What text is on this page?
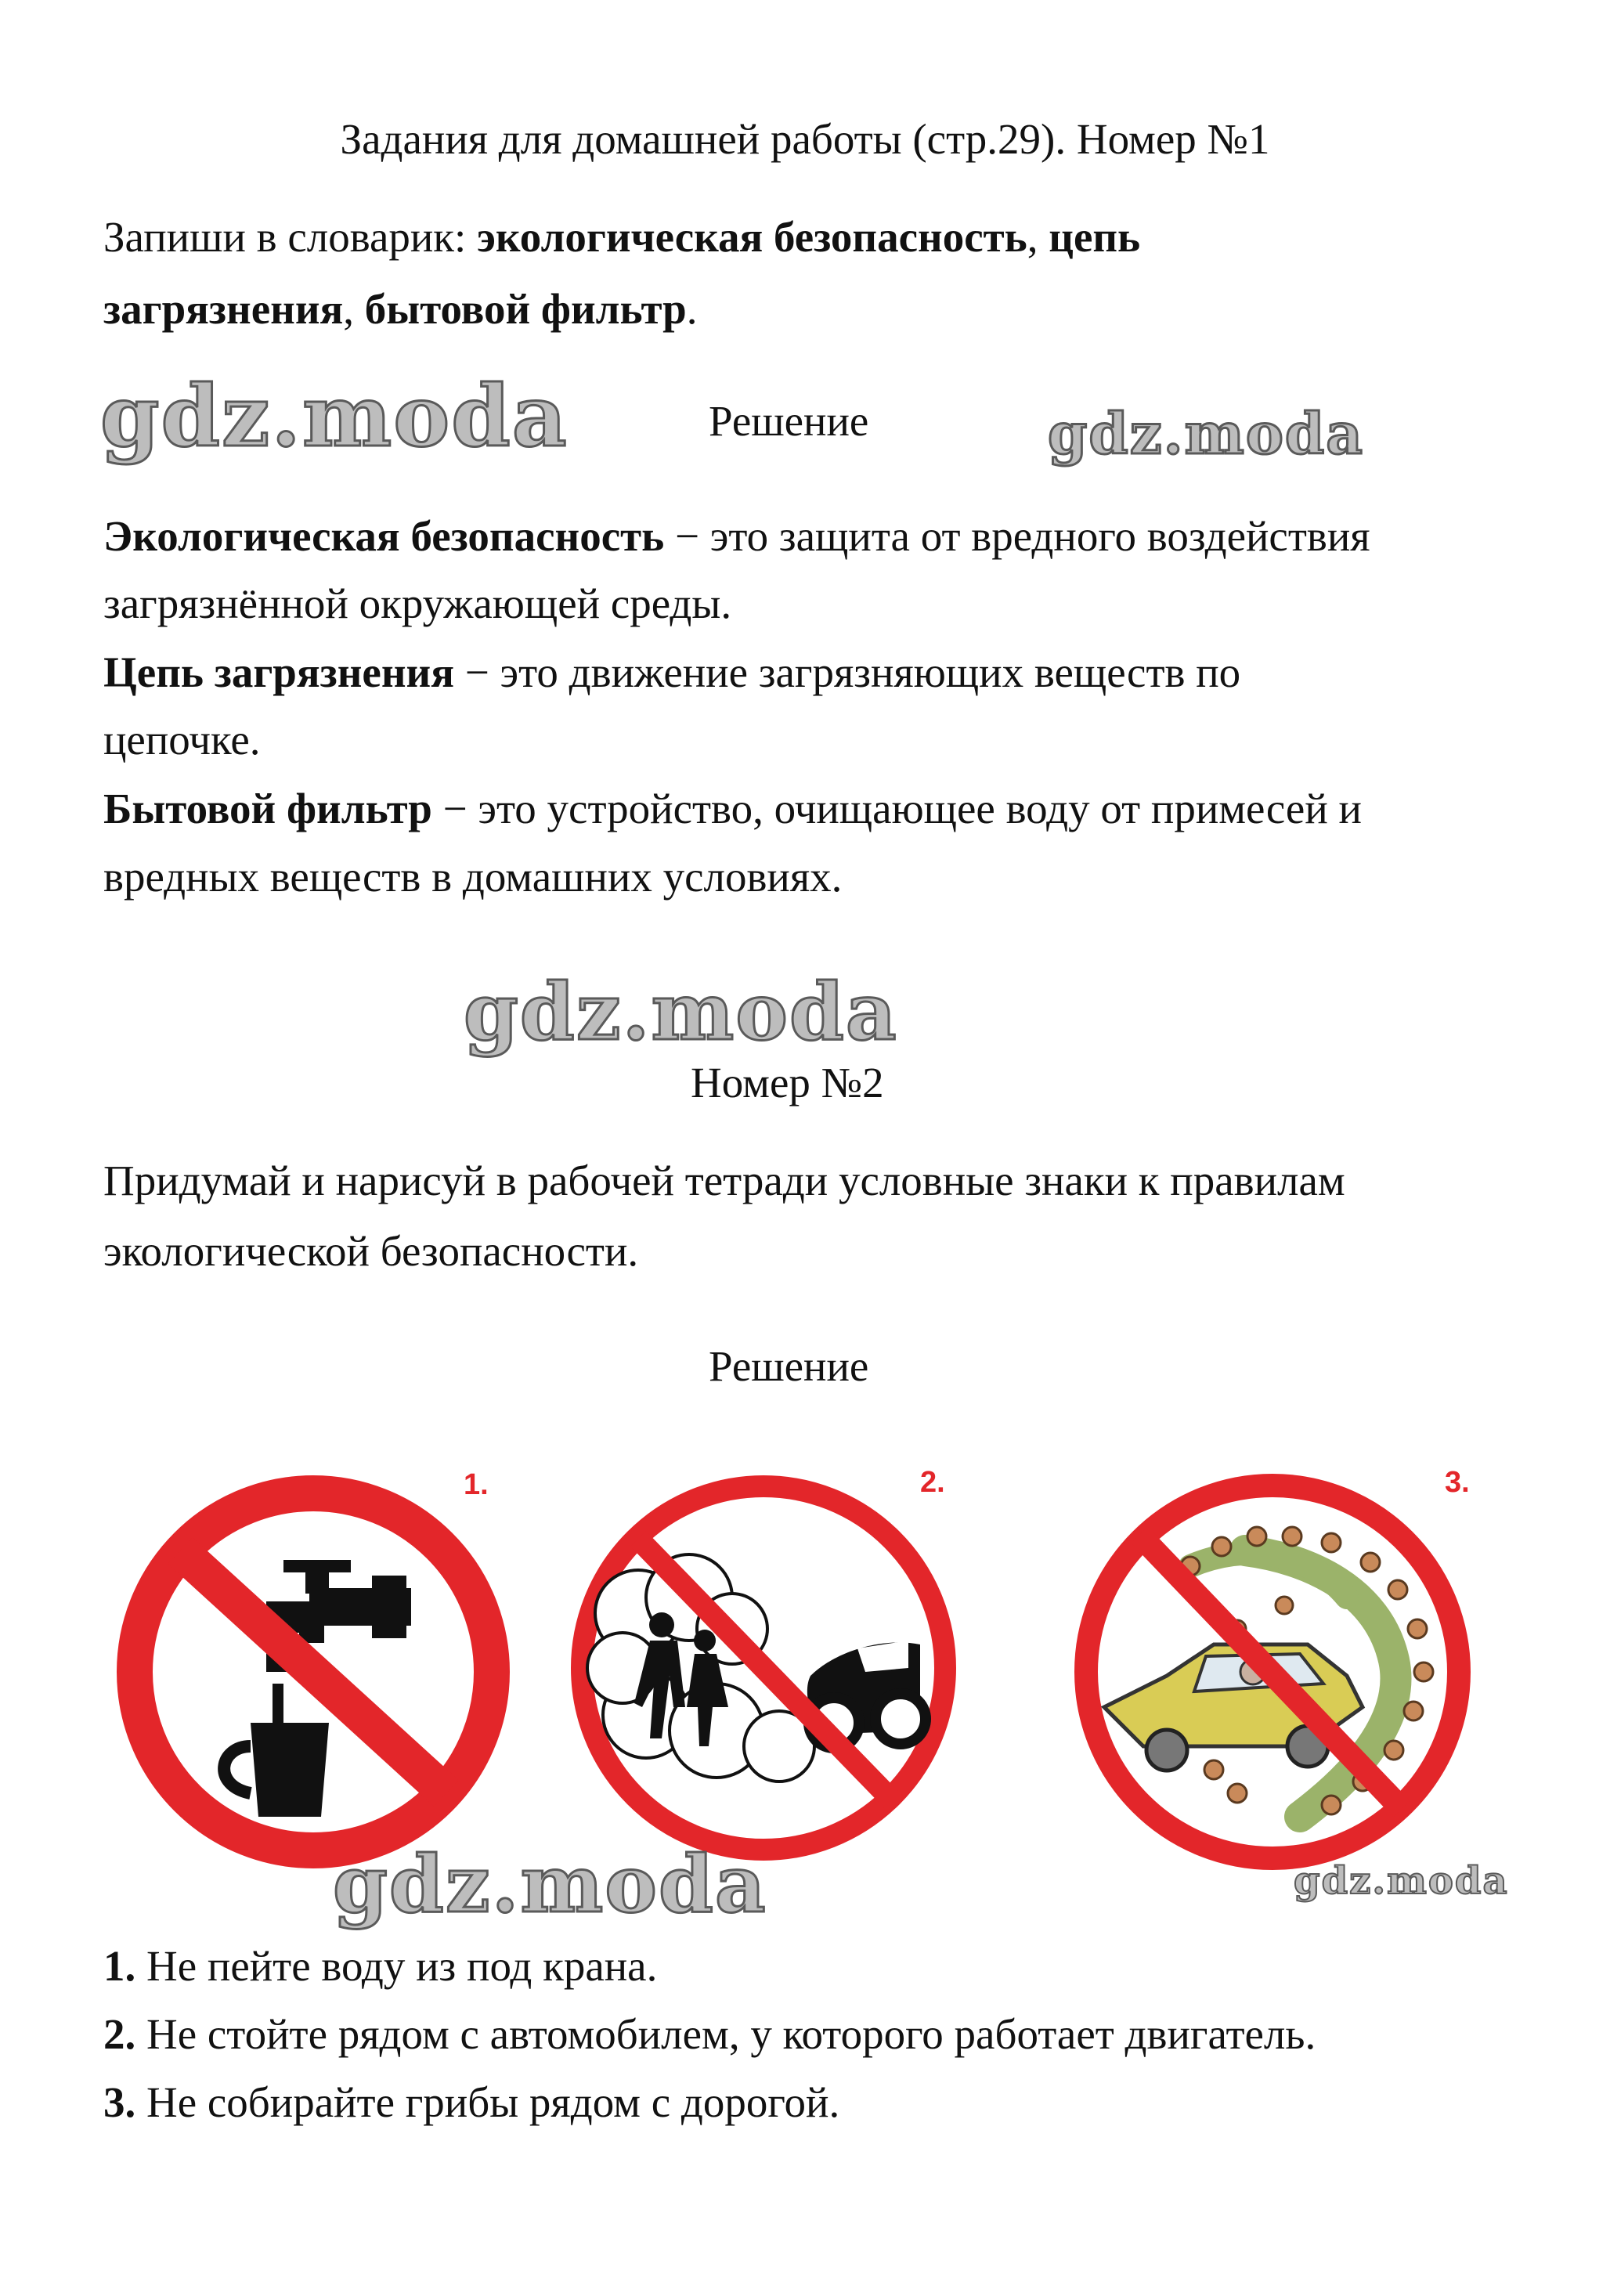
Задания для домашней работы (стр.29). Номер №1
Запиши в словарик: экологическая безопасность, цепь
загрязнения, бытовой фильтр.
gdz.moda	Решение	gdz.moda
Экологическая безопасность − это защита от вредного воздействия
загрязнённой окружающей среды.
Цепь загрязнения − это движение загрязняющих веществ по
цепочке.
Бытовой фильтр − это устройство, очищающее воду от примесей и
вредных веществ в домашних условиях.
gdz.moda
Номер №2
Придумай и нарисуй в рабочей тетради условные знаки к правилам
экологической безопасности.
Решение
1.	2.	3.
gdz.moda	gdz.moda
1. Не пейте воду из под крана.
2. Не стойте рядом с автомобилем, у которого работает двигатель.
3. Не собирайте грибы рядом с дорогой.
